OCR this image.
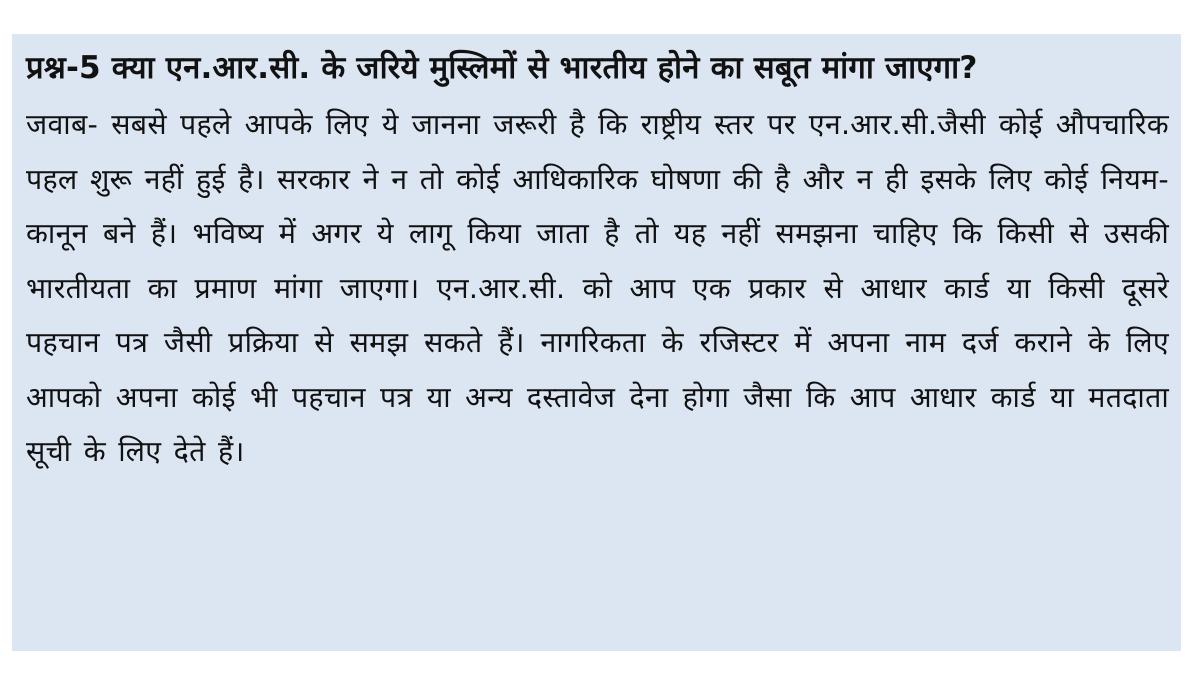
प्रश्न-5 क्या एन.आर.सी. के जरिये मुस्लिमों से भारतीय होने का सबूत मांगा जाएगा?

जवाब- सबसे पहले आपके लिए ये जानना जरूरी है कि राष्ट्रीय स्तर पर एन.आर.सी.जैसी कोई औपचारिक पहल शुरू नहीं हुई है। सरकार ने न तो कोई आधिकारिक घोषणा की है और न ही इसके लिए कोई नियम-कानून बने हैं। भविष्य में अगर ये लागू किया जाता है तो यह नहीं समझना चाहिए कि किसी से उसकी भारतीयता का प्रमाण मांगा जाएगा। एन.आर.सी. को आप एक प्रकार से आधार कार्ड या किसी दूसरे पहचान पत्र जैसी प्रक्रिया से समझ सकते हैं। नागरिकता के रजिस्टर में अपना नाम दर्ज कराने के लिए आपको अपना कोई भी पहचान पत्र या अन्य दस्तावेज देना होगा जैसा कि आप आधार कार्ड या मतदाता सूची के लिए देते हैं।
